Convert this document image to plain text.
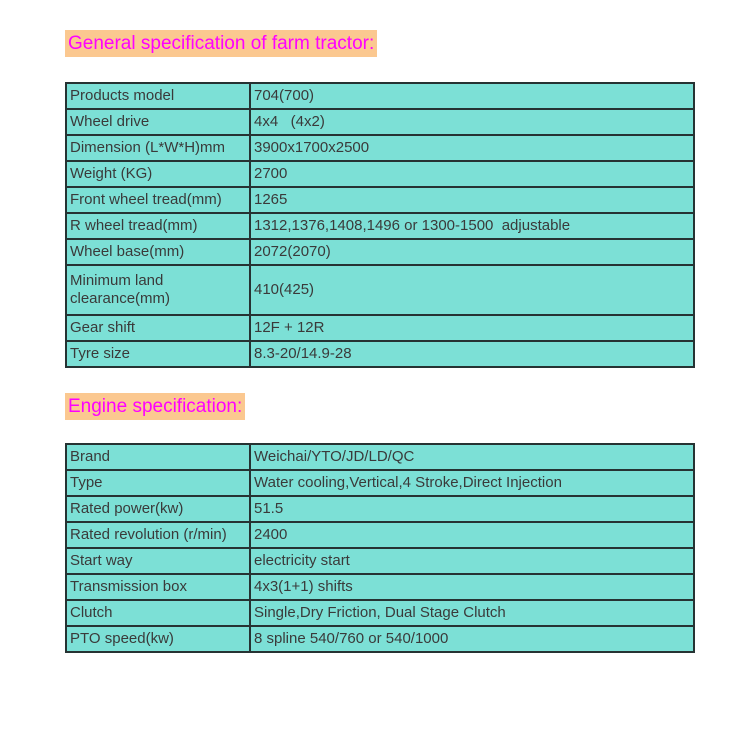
General specification of farm tractor:
Products model	704(700)
Wheel drive	4x4   (4x2)
Dimension (L*W*H)mm	3900x1700x2500
Weight (KG)	2700
Front wheel tread(mm)	1265
R wheel tread(mm)	1312,1376,1408,1496 or 1300-1500  adjustable
Wheel base(mm)	2072(2070)
Minimum land clearance(mm)	410(425)
Gear shift	12F + 12R
Tyre size	8.3-20/14.9-28
Engine specification:
Brand	Weichai/YTO/JD/LD/QC
Type	Water cooling,Vertical,4 Stroke,Direct Injection
Rated power(kw)	51.5
Rated revolution (r/min)	2400
Start way	electricity start
Transmission box	4x3(1+1) shifts
Clutch	Single,Dry Friction, Dual Stage Clutch
PTO speed(kw)	8 spline 540/760 or 540/1000
